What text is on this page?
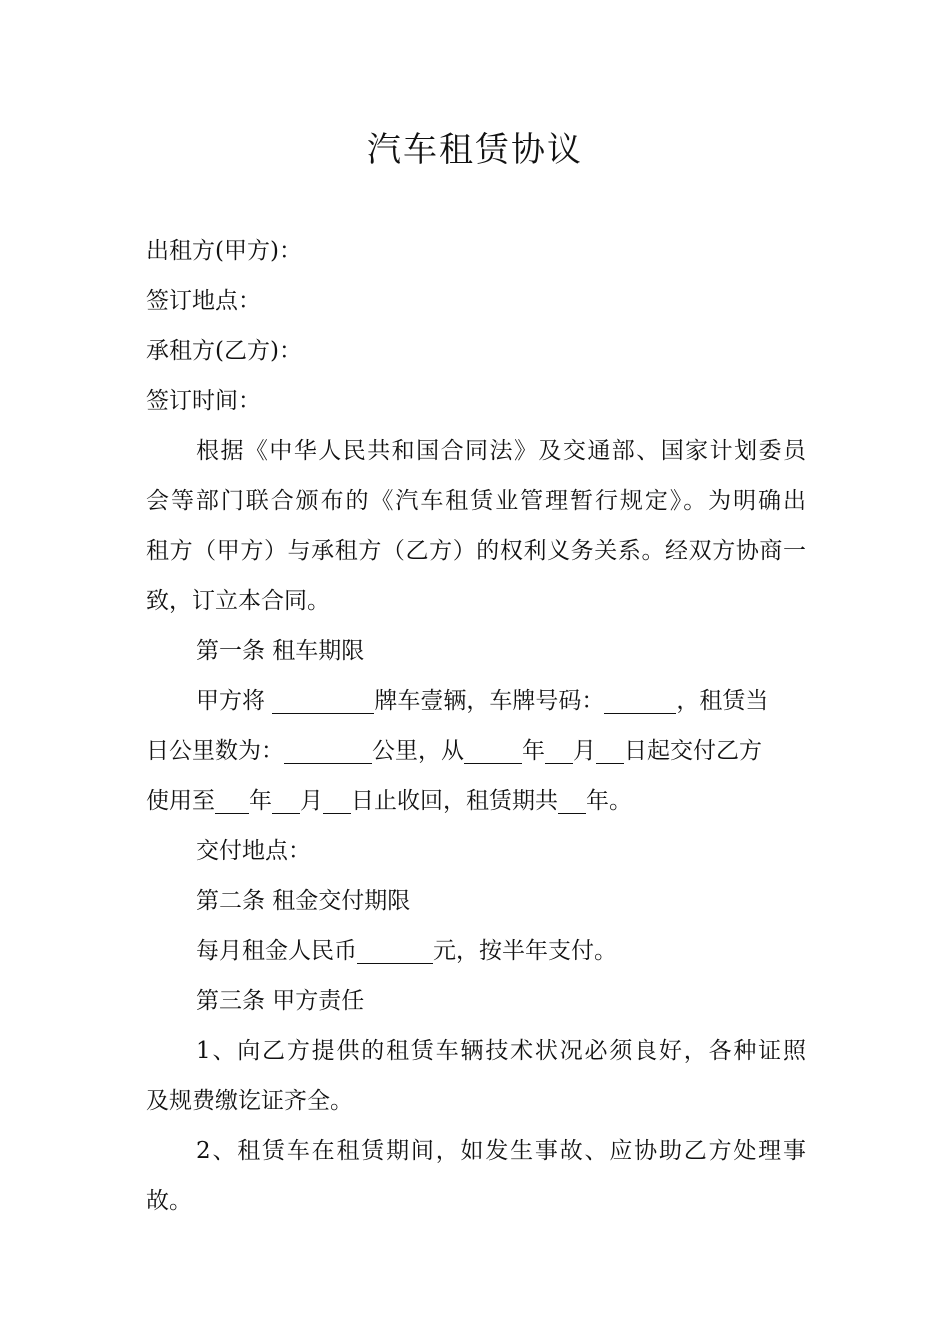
汽车租赁协议
出租方(甲方)：
签订地点：
承租方(乙方)：
签订时间：
根据《中华人民共和国合同法》及交通部、国家计划委员
会等部门联合颁布的《汽车租赁业管理暂行规定》。为明确出
租方（甲方）与承租方（乙方）的权利义务关系。经双方协商一
致，订立本合同。
第一条 租车期限
甲方将	牌车壹辆，车牌号码：	，租赁当
日公里数为：	公里，从	年 月 日起交付乙方
使用至 年 月 日止收回，租赁期共 年。
交付地点：
第二条 租金交付期限
每月租金人民币	元，按半年支付。
第三条 甲方责任
1、向乙方提供的租赁车辆技术状况必须良好，各种证照
及规费缴讫证齐全。
2、租赁车在租赁期间，如发生事故、应协助乙方处理事
故。
